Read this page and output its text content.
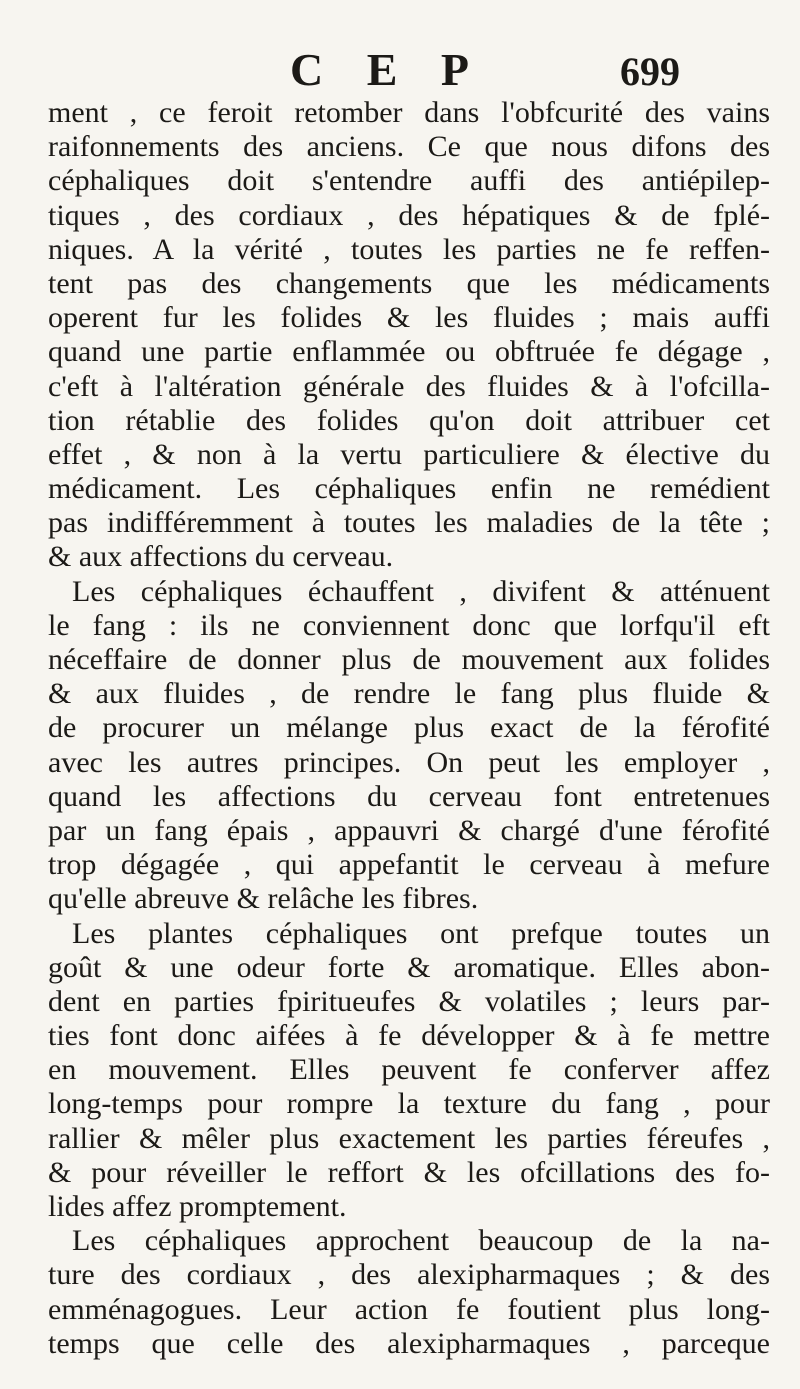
C E P	699
ment , ce feroit retomber dans l'obfcurité des vains
raifonnements des anciens. Ce que nous difons des
céphaliques doit s'entendre auffi des antiépilep-
tiques , des cordiaux , des hépatiques & de fplé-
niques. A la vérité , toutes les parties ne fe reffen-
tent pas des changements que les médicaments
operent fur les folides & les fluides ; mais auffi
quand une partie enflammée ou obftruée fe dégage ,
c'eft à l'altération générale des fluides & à l'ofcilla-
tion rétablie des folides qu'on doit attribuer cet
effet , & non à la vertu particuliere & élective du
médicament. Les céphaliques enfin ne remédient
pas indifféremment à toutes les maladies de la tête ;
& aux affections du cerveau.
Les céphaliques échauffent , divifent & atténuent
le fang : ils ne conviennent donc que lorfqu'il eft
néceffaire de donner plus de mouvement aux folides
& aux fluides , de rendre le fang plus fluide &
de procurer un mélange plus exact de la férofité
avec les autres principes. On peut les employer ,
quand les affections du cerveau font entretenues
par un fang épais , appauvri & chargé d'une férofité
trop dégagée , qui appefantit le cerveau à mefure
qu'elle abreuve & relâche les fibres.
Les plantes céphaliques ont prefque toutes un
goût & une odeur forte & aromatique. Elles abon-
dent en parties fpiritueufes & volatiles ; leurs par-
ties font donc aifées à fe développer & à fe mettre
en mouvement. Elles peuvent fe conferver affez
long-temps pour rompre la texture du fang , pour
rallier & mêler plus exactement les parties féreufes ,
& pour réveiller le reffort & les ofcillations des fo-
lides affez promptement.
Les céphaliques approchent beaucoup de la na-
ture des cordiaux , des alexipharmaques ; & des
emménagogues. Leur action fe foutient plus long-
temps que celle des alexipharmaques , parceque
